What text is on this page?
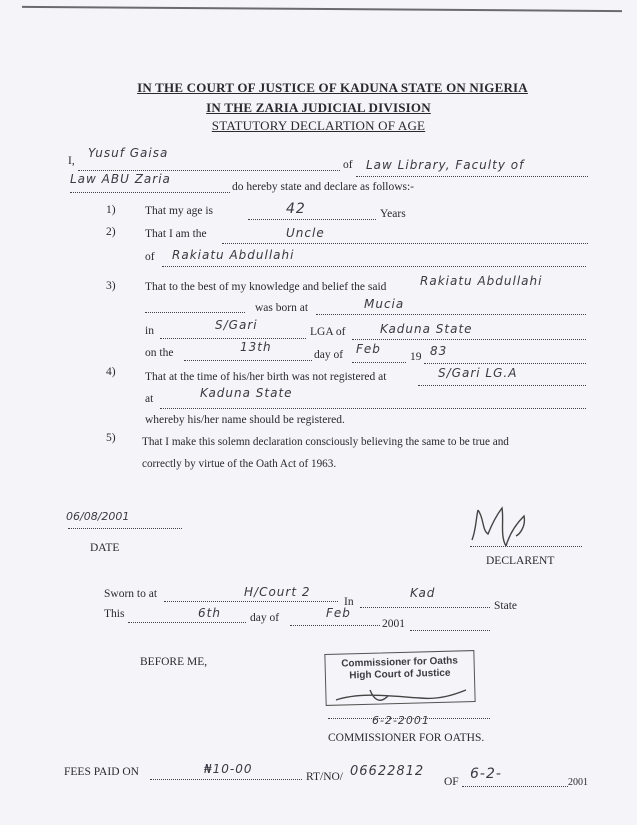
IN THE COURT OF JUSTICE OF KADUNA STATE ON NIGERIA
IN THE ZARIA JUDICIAL DIVISION
STATUTORY DECLARTION OF AGE
I,
Yusuf Gaisa
of Law Library, Faculty of
Law ABU Zaria
do hereby state and declare as follows:-
1)	That my age is	42	Years
2)	That I am the	Uncle
of Rakiatu Abdullahi
3)	That to the best of my knowledge and belief the said	Rakiatu Abdullahi
was born at	Mucia
in	S/Gari	LGA of	Kaduna State
on the	13th
day of Feb
19 83
4)	That at the time of his/her birth was not registered at	S/Gari LG.A
at	Kaduna State
whereby his/her name should be registered.
5) That I make this solemn declaration consciously believing the same to be true and
correctly by virtue of the Oath Act of 1963.
06/08/2001
DATE
DECLARENT
Sworn to at	H/Court 2
In
Kad
State
This	6th	day of	Feb
2001
BEFORE ME,	Commissioner for Oaths
High Court of Justice
6-2-2001
COMMISSIONER FOR OATHS.
FEES PAID ON	₦10-00
RT/NO/ 06622812
OF 6-2-
2001
